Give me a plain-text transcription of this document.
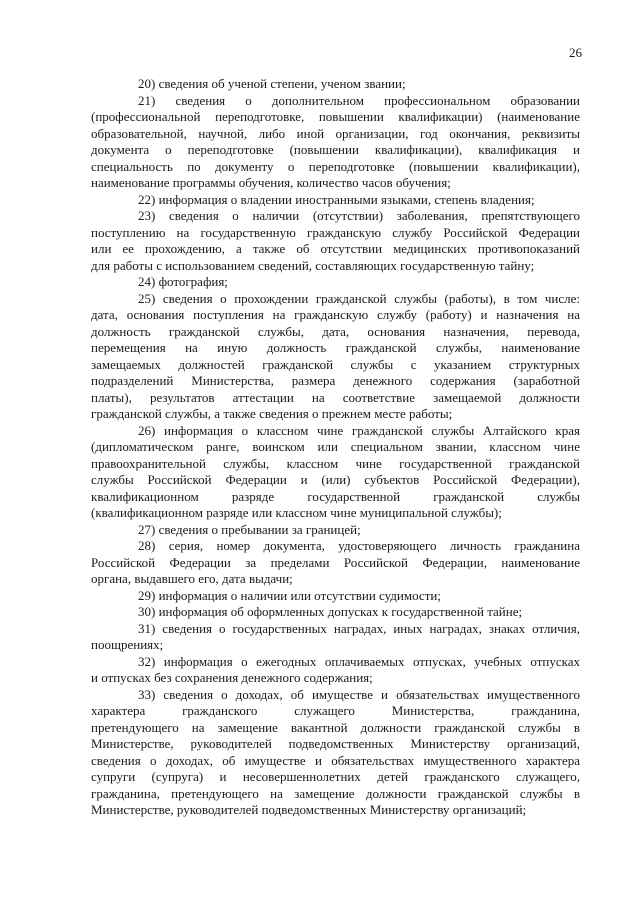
26

20) сведения об ученой степени, ученом звании;

21) сведения о дополнительном профессиональном образовании
(профессиональной переподготовке, повышении квалификации) (наименование
образовательной, научной, либо иной организации, год окончания, реквизиты
документа о переподготовке (повышении квалификации), квалификация и
специальность по документу о переподготовке (повышении квалификации),
наименование программы обучения, количество часов обучения;

22) информация о владении иностранными языками, степень владения;

23) сведения о наличии (отсутствии) заболевания, препятствующего
поступлению на государственную гражданскую службу Российской Федерации
или ее прохождению, а также об отсутствии медицинских противопоказаний
для работы с использованием сведений, составляющих государственную тайну;

24) фотография;

25) сведения о прохождении гражданской службы (работы), в том числе:
дата, основания поступления на гражданскую службу (работу) и назначения на
должность гражданской службы, дата, основания назначения, перевода,
перемещения на иную должность гражданской службы, наименование
замещаемых должностей гражданской службы с указанием структурных
подразделений Министерства, размера денежного содержания (заработной
платы), результатов аттестации на соответствие замещаемой должности
гражданской службы, а также сведения о прежнем месте работы;

26) информация о классном чине гражданской службы Алтайского края
(дипломатическом ранге, воинском или специальном звании, классном чине
правоохранительной службы, классном чине государственной гражданской
службы Российской Федерации и (или) субъектов Российской Федерации),
квалификационном разряде государственной гражданской службы
(квалификационном разряде или классном чине муниципальной службы);

27) сведения о пребывании за границей;

28) серия, номер документа, удостоверяющего личность гражданина
Российской Федерации за пределами Российской Федерации, наименование
органа, выдавшего его, дата выдачи;

29) информация о наличии или отсутствии судимости;

30) информация об оформленных допусках к государственной тайне;

31) сведения о государственных наградах, иных наградах, знаках отличия,
поощрениях;

32) информация о ежегодных оплачиваемых отпусках, учебных отпусках
и отпусках без сохранения денежного содержания;

33) сведения о доходах, об имуществе и обязательствах имущественного
характера гражданского служащего Министерства, гражданина,
претендующего на замещение вакантной должности гражданской службы в
Министерстве, руководителей подведомственных Министерству организаций,
сведения о доходах, об имуществе и обязательствах имущественного характера
супруги (супруга) и несовершеннолетних детей гражданского служащего,
гражданина, претендующего на замещение должности гражданской службы в
Министерстве, руководителей подведомственных Министерству организаций;
